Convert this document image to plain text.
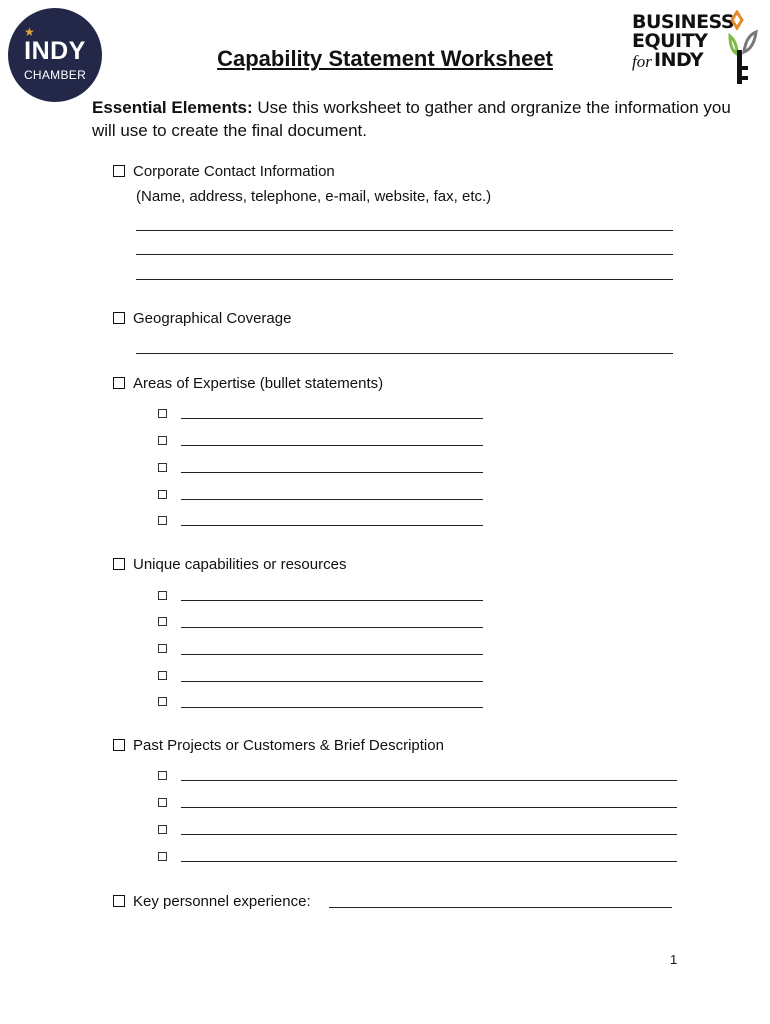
★
INDY
CHAMBER
BUSINESS
EQUITY
for INDY
Capability Statement Worksheet
Essential Elements: Use this worksheet to gather and orgranize the information you will use to create the final document.
Corporate Contact Information
(Name, address, telephone, e-mail, website, fax, etc.)
Geographical Coverage
Areas of Expertise (bullet statements)
Unique capabilities or resources
Past Projects or Customers & Brief Description
Key personnel experience:
1
